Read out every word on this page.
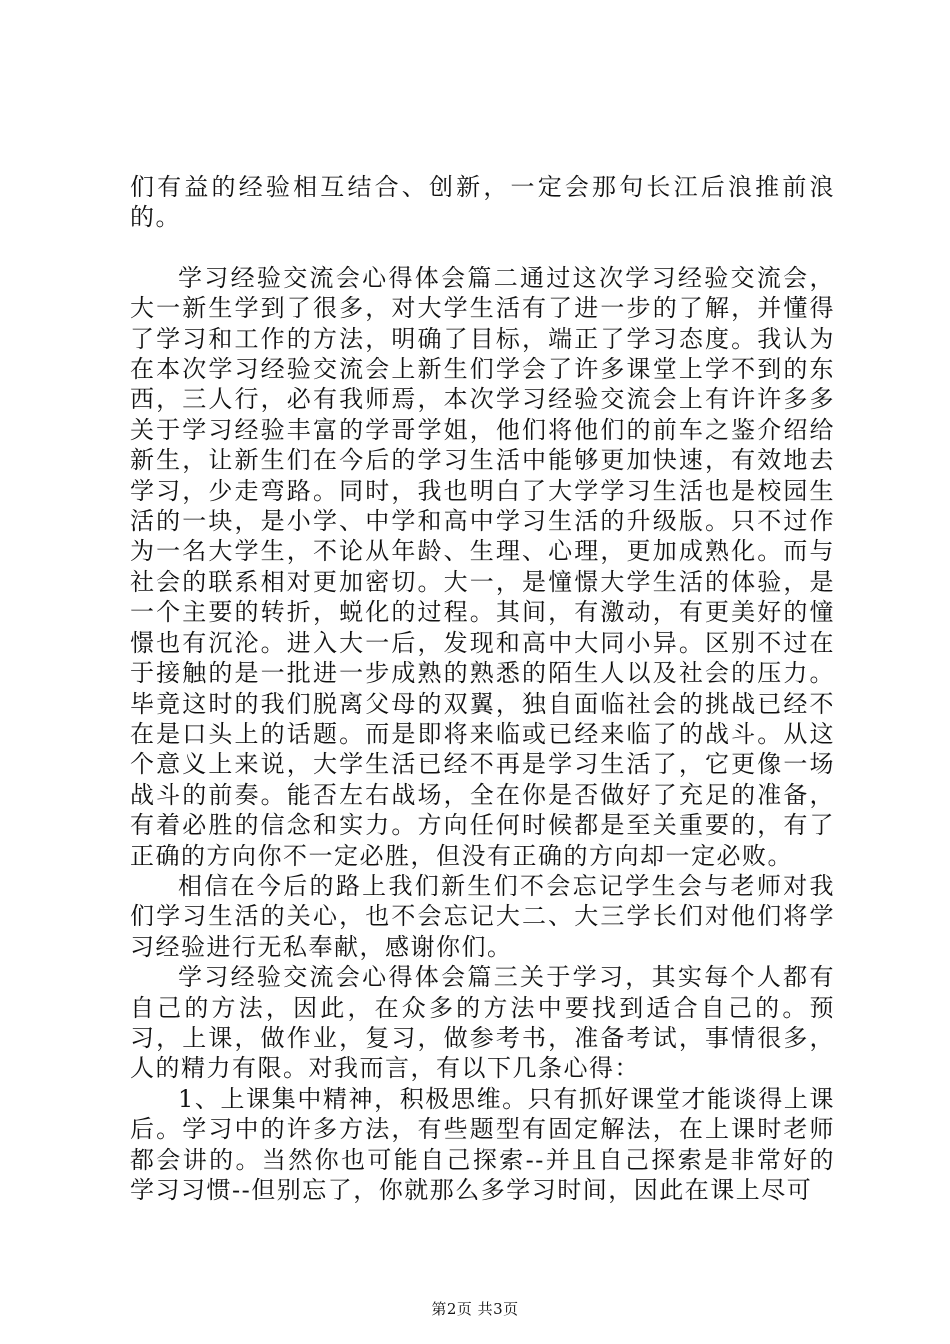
们有益的经验相互结合、创新，一定会那句长江后浪推前浪的。

学习经验交流会心得体会篇二通过这次学习经验交流会，大一新生学到了很多，对大学生活有了进一步的了解，并懂得了学习和工作的方法，明确了目标，端正了学习态度。我认为在本次学习经验交流会上新生们学会了许多课堂上学不到的东西，三人行，必有我师焉，本次学习经验交流会上有许许多多关于学习经验丰富的学哥学姐，他们将他们的前车之鉴介绍给新生，让新生们在今后的学习生活中能够更加快速，有效地去学习，少走弯路。同时，我也明白了大学学习生活也是校园生活的一块，是小学、中学和高中学习生活的升级版。只不过作为一名大学生，不论从年龄、生理、心理，更加成熟化。而与社会的联系相对更加密切。大一，是憧憬大学生活的体验，是一个主要的转折，蜕化的过程。其间，有激动，有更美好的憧憬也有沉沦。进入大一后，发现和高中大同小异。区别不过在于接触的是一批进一步成熟的熟悉的陌生人以及社会的压力。毕竟这时的我们脱离父母的双翼，独自面临社会的挑战已经不在是口头上的话题。而是即将来临或已经来临了的战斗。从这个意义上来说，大学生活已经不再是学习生活了，它更像一场战斗的前奏。能否左右战场，全在你是否做好了充足的准备，有着必胜的信念和实力。方向任何时候都是至关重要的，有了正确的方向你不一定必胜，但没有正确的方向却一定必败。

相信在今后的路上我们新生们不会忘记学生会与老师对我们学习生活的关心，也不会忘记大二、大三学长们对他们将学习经验进行无私奉献，感谢你们。

学习经验交流会心得体会篇三关于学习，其实每个人都有自己的方法，因此，在众多的方法中要找到适合自己的。预习，上课，做作业，复习，做参考书，准备考试，事情很多，人的精力有限。对我而言，有以下几条心得：

1、上课集中精神，积极思维。只有抓好课堂才能谈得上课后。学习中的许多方法，有些题型有固定解法，在上课时老师都会讲的。当然你也可能自己探索--并且自己探索是非常好的学习习惯--但别忘了，你就那么多学习时间，因此在课上尽可

第2页 共3页
